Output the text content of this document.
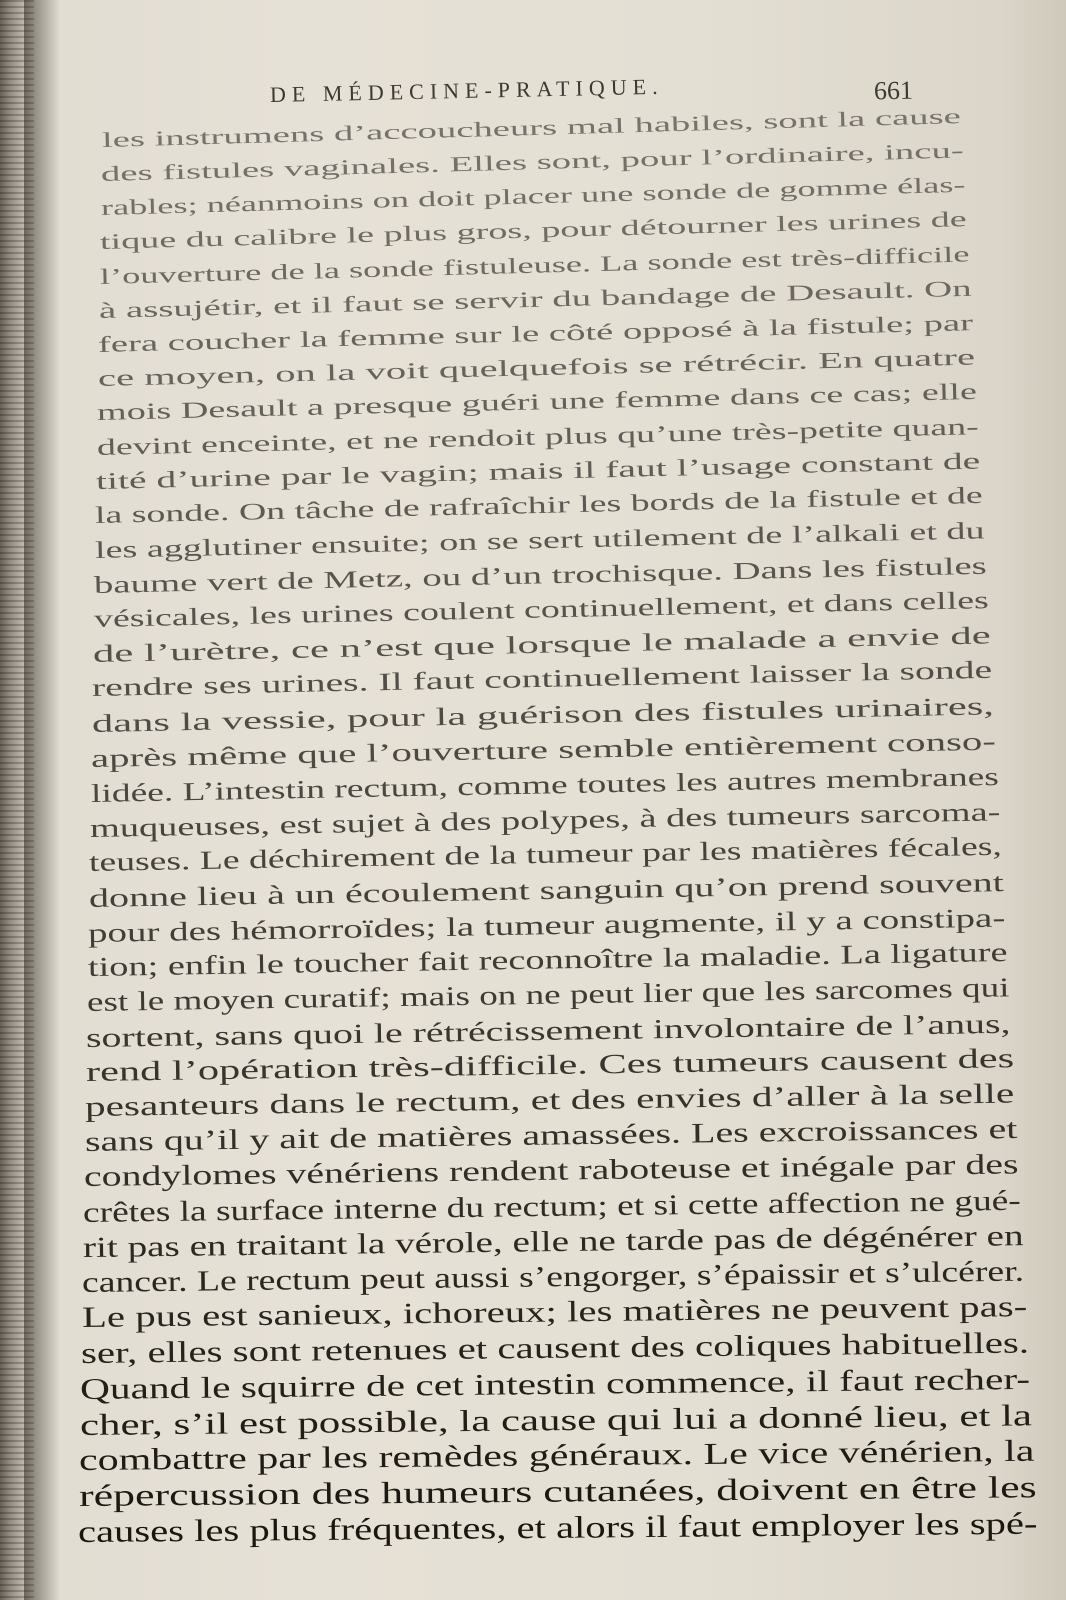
DE MÉDECINE-PRATIQUE.	661
les instrumens d’accoucheurs mal habiles, sont la cause
des fistules vaginales. Elles sont, pour l’ordinaire, incu-
rables; néanmoins on doit placer une sonde de gomme élas-
tique du calibre le plus gros, pour détourner les urines de
l’ouverture de la sonde fistuleuse. La sonde est très-difficile
à assujétir, et il faut se servir du bandage de Desault. On
fera coucher la femme sur le côté opposé à la fistule; par
ce moyen, on la voit quelquefois se rétrécir. En quatre
mois Desault a presque guéri une femme dans ce cas; elle
devint enceinte, et ne rendoit plus qu’une très-petite quan-
tité d’urine par le vagin; mais il faut l’usage constant de
la sonde. On tâche de rafraîchir les bords de la fistule et de
les agglutiner ensuite; on se sert utilement de l’alkali et du
baume vert de Metz, ou d’un trochisque. Dans les fistules
vésicales, les urines coulent continuellement, et dans celles
de l’urètre, ce n’est que lorsque le malade a envie de
rendre ses urines. Il faut continuellement laisser la sonde
dans la vessie, pour la guérison des fistules urinaires,
après même que l’ouverture semble entièrement conso-
lidée. L’intestin rectum, comme toutes les autres membranes
muqueuses, est sujet à des polypes, à des tumeurs sarcoma-
teuses. Le déchirement de la tumeur par les matières fécales,
donne lieu à un écoulement sanguin qu’on prend souvent
pour des hémorroïdes; la tumeur augmente, il y a constipa-
tion; enfin le toucher fait reconnoître la maladie. La ligature
est le moyen curatif; mais on ne peut lier que les sarcomes qui
sortent, sans quoi le rétrécissement involontaire de l’anus,
rend l’opération très-difficile. Ces tumeurs causent des
pesanteurs dans le rectum, et des envies d’aller à la selle
sans qu’il y ait de matières amassées. Les excroissances et
condylomes vénériens rendent raboteuse et inégale par des
crêtes la surface interne du rectum; et si cette affection ne gué-
rit pas en traitant la vérole, elle ne tarde pas de dégénérer en
cancer. Le rectum peut aussi s’engorger, s’épaissir et s’ulcérer.
Le pus est sanieux, ichoreux; les matières ne peuvent pas-
ser, elles sont retenues et causent des coliques habituelles.
Quand le squirre de cet intestin commence, il faut recher-
cher, s’il est possible, la cause qui lui a donné lieu, et la
combattre par les remèdes généraux. Le vice vénérien, la
répercussion des humeurs cutanées, doivent en être les
causes les plus fréquentes, et alors il faut employer les spé-
